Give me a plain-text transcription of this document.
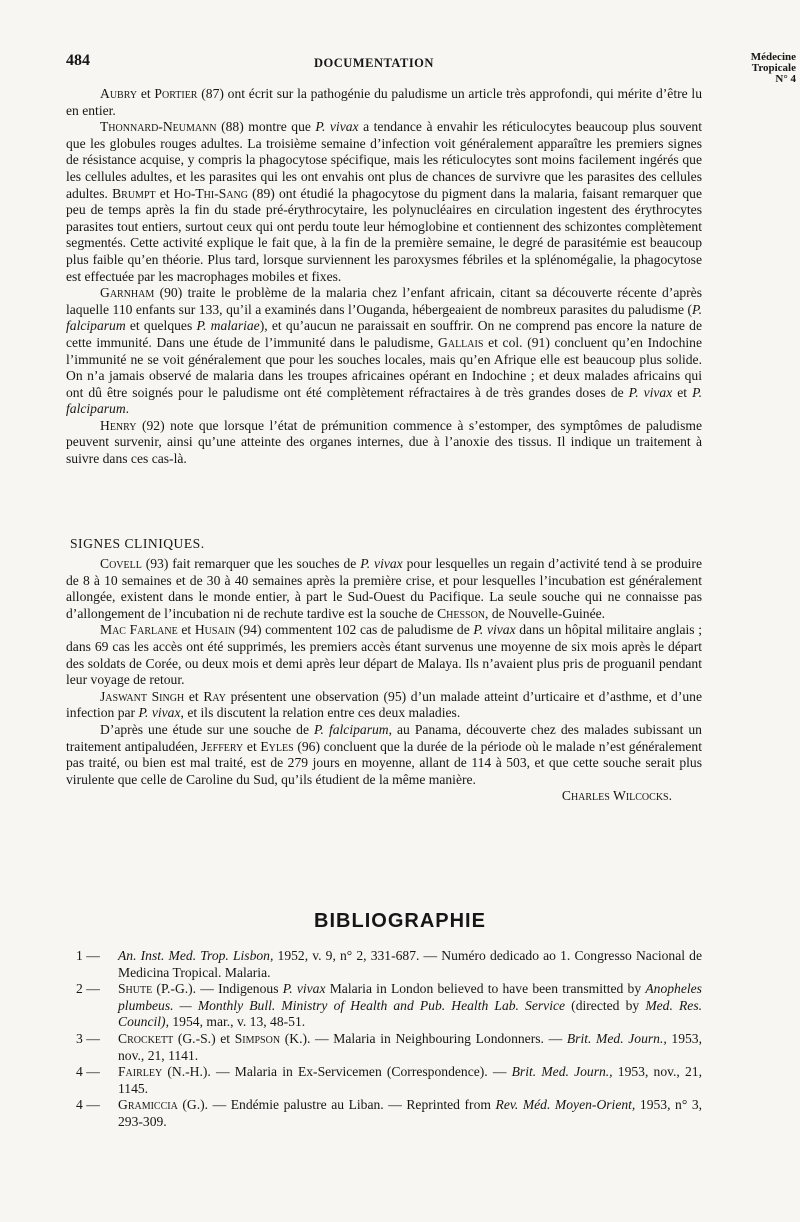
484	DOCUMENTATION	Médecine
Tropicale
N° 4

Aubry et Portier (87) ont écrit sur la pathogénie du paludisme un article très approfondi, qui mérite d’être lu en entier.

Thonnard-Neumann (88) montre que P. vivax a tendance à envahir les réticulocytes beaucoup plus souvent que les globules rouges adultes. La troisième semaine d’infection voit généralement apparaître les premiers signes de résistance acquise, y compris la phagocytose spécifique, mais les réticulocytes sont moins facilement ingérés que les cellules adultes, et les parasites qui les ont envahis ont plus de chances de survivre que les parasites des cellules adultes. Brumpt et Ho-Thi-Sang (89) ont étudié la phagocytose du pigment dans la malaria, faisant remarquer que peu de temps après la fin du stade pré-érythrocytaire, les polynucléaires en circulation ingestent des érythrocytes parasites tout entiers, surtout ceux qui ont perdu toute leur hémoglobine et contiennent des schizontes complètement segmentés. Cette activité explique le fait que, à la fin de la première semaine, le degré de parasitémie est beaucoup plus faible qu’en théorie. Plus tard, lorsque surviennent les paroxysmes fébriles et la splénomégalie, la phagocytose est effectuée par les macrophages mobiles et fixes.

Garnham (90) traite le problème de la malaria chez l’enfant africain, citant sa découverte récente d’après laquelle 110 enfants sur 133, qu’il a examinés dans l’Ouganda, hébergeaient de nombreux parasites du paludisme (P. falciparum et quelques P. malariae), et qu’aucun ne paraissait en souffrir. On ne comprend pas encore la nature de cette immunité. Dans une étude de l’immunité dans le paludisme, Gallais et col. (91) concluent qu’en Indochine l’immunité ne se voit généralement que pour les souches locales, mais qu’en Afrique elle est beaucoup plus solide. On n’a jamais observé de malaria dans les troupes africaines opérant en Indochine ; et deux malades africains qui ont dû être soignés pour le paludisme ont été complètement réfractaires à de très grandes doses de P. vivax et P. falciparum.

Henry (92) note que lorsque l’état de prémunition commence à s’estomper, des symptômes de paludisme peuvent survenir, ainsi qu’une atteinte des organes internes, due à l’anoxie des tissus. Il indique un traitement à suivre dans ces cas-là.

SIGNES CLINIQUES.

Covell (93) fait remarquer que les souches de P. vivax pour lesquelles un regain d’activité tend à se produire de 8 à 10 semaines et de 30 à 40 semaines après la première crise, et pour lesquelles l’incubation est généralement allongée, existent dans le monde entier, à part le Sud-Ouest du Pacifique. La seule souche qui ne connaisse pas d’allongement de l’incubation ni de rechute tardive est la souche de Chesson, de Nouvelle-Guinée.

Mac Farlane et Husain (94) commentent 102 cas de paludisme de P. vivax dans un hôpital militaire anglais ; dans 69 cas les accès ont été supprimés, les premiers accès étant survenus une moyenne de six mois après le départ des soldats de Corée, ou deux mois et demi après leur départ de Malaya. Ils n’avaient plus pris de proguanil pendant leur voyage de retour.

Jaswant Singh et Ray présentent une observation (95) d’un malade atteint d’urticaire et d’asthme, et d’une infection par P. vivax, et ils discutent la relation entre ces deux maladies.

D’après une étude sur une souche de P. falciparum, au Panama, découverte chez des malades subissant un traitement antipaludéen, Jeffery et Eyles (96) concluent que la durée de la période où le malade n’est généralement pas traité, ou bien est mal traité, est de 279 jours en moyenne, allant de 114 à 503, et que cette souche serait plus virulente que celle de Caroline du Sud, qu’ils étudient de la même manière.

Charles Wilcocks.
BIBLIOGRAPHIE
1 —	An. Inst. Med. Trop. Lisbon, 1952, v. 9, n° 2, 331-687. — Numéro dedicado ao 1. Congresso Nacional de Medicina Tropical. Malaria.
2 —	Shute (P.-G.). — Indigenous P. vivax Malaria in London believed to have been transmitted by Anopheles plumbeus. — Monthly Bull. Ministry of Health and Pub. Health Lab. Service (directed by Med. Res. Council), 1954, mar., v. 13, 48-51.
3 —	Crockett (G.-S.) et Simpson (K.). — Malaria in Neighbouring Londonners. — Brit. Med. Journ., 1953, nov., 21, 1141.
4 —	Fairley (N.-H.). — Malaria in Ex-Servicemen (Correspondence). — Brit. Med. Journ., 1953, nov., 21, 1145.
4 —	Gramiccia (G.). — Endémie palustre au Liban. — Reprinted from Rev. Méd. Moyen-Orient, 1953, n° 3, 293-309.
